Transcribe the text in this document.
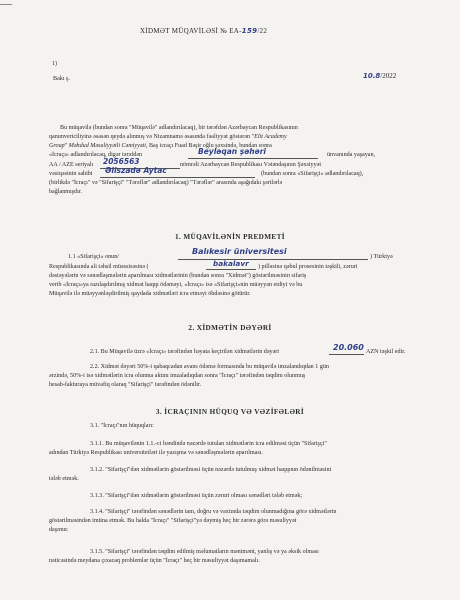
XİDMƏT MÜQAVİLƏSİ № EA-159/22
1)
Bakı ş.	10.8/2022
Bu müqavilə (bundan sonra "Müqavilə" adlandırılacaq), bir tərəfdən Azərbaycan Respublikasının
qanunvericiliyinə əsasən qeydə alınmış və Nizamnamə əsasında fəaliyyət göstərən "Elit Academy
Group" Məhdud Məsuliyyətli Cəmiyyəti, Baş icraçı Fuad Bəşir oğlu şəxsində, bundan sonra
«İcraçı» adlandırılacaq, digər tərəfdən	Beyləqan şəhəri	ünvanında yaşayan,
AA / AZE seriyalı 2056563	nömrəli Azərbaycan Respublikası Vətəndaşının Şəxsiyyət
vəsiqəsinin sahibi Əliszadə Aytac	(bundan sonra «Sifarişçi» adlandırılacaq),
(birlikdə "İcraçı" və "Sifarişçi" "Tərəflər" adlandırılacaq) "Tərəflər" arasında aşağıdakı şərtlərlə
bağlanmışdır.
1. MÜQAVİLƏNİN PREDMETİ
1.1 «Sifarişçi» onun/
Balıkesir üniversitesi
) Türkiyə
Respublikasında ali təhsil müəssisəsinə (	bakalavr ) pilləsinə qəbul prosesinin təşkili, zəruri
dəstəyələrin və sənədləşmələrin aparılması xidmətlərinin (bundan sonra "Xidmət") göstərilməsinin sifariş
verib «İcraçı»ya razılaşdırılmış xidmət haqqı ödəməyi, «İcraçı» isə «Sifarişçi»nin müəyyən etdiyi və bu
Müqavilə ilə müəyyənləşdirilmiş qaydada xidmətləri icra etməyi öhdəsinə götürür.
2. XİDMƏTİN DƏYƏRİ
2.1. Bu Müqavilə üzrə «İcraçı» tərəfindən həyata keçirilən xidmətlərin dəyəri	20.060 AZN təşkil edir.
2.2. Xidmət dəyəri 50%-i qabaqcadan avans ödəmə formasında bu müqavilə imzalandıqdan 1 gün
ərzində, 50%-i isə xidmətlərin icra olunma aktını imzaladıqdan sonra "İcraçı" tərəfindən təqdim olunmuş
hesab-fakturaya müvafiq olaraq "Sifarişçi" tərəfindən ödənilir.
3. İCRAÇININ HÜQUQ VƏ VƏZİFƏLƏRİ
3.1. "İcraçı"nın hüquqları:
3.1.1. Bu müqavilənin 1.1.-ci bəndində nəzərdə tutulan xidmətlərin icra edilməsi üçün "Sifarişçi"
adından Türkiyə Respublikası universitetləri ilə yazışma və sənədləşmələrin aparılması.
3.1.2. "Sifarişçi"dən xidmətlərin göstərilməsi üçün nəzərdə tutulmuş xidmət haqqının ödənilməsini
tələb etmək.
3.1.3. "Sifarişçi"dən xidmətlərin göstərilməsi üçün zəruri olması sənədləri tələb etmək;
3.1.4. "Sifarişçi" tərəfindən sənədlərin tam, doğru və vaxtında təqdim olunmadığına görə xidmətlərin
göstərilməsindən imtina etmək. Bu halda "İcraçı" "Sifarişçi"yə dəymiş heç bir zərərə görə məsuliyyət
daşımır.
3.1.5. "Sifarişçi" tərəfindən təqdim edilmiş məlumatların mənimənt, yanlış və ya əksik olması
nəticəsində meydana çıxacaq problemlər üçün "İcraçı" heç bir məsuliyyət daşımamalı.
